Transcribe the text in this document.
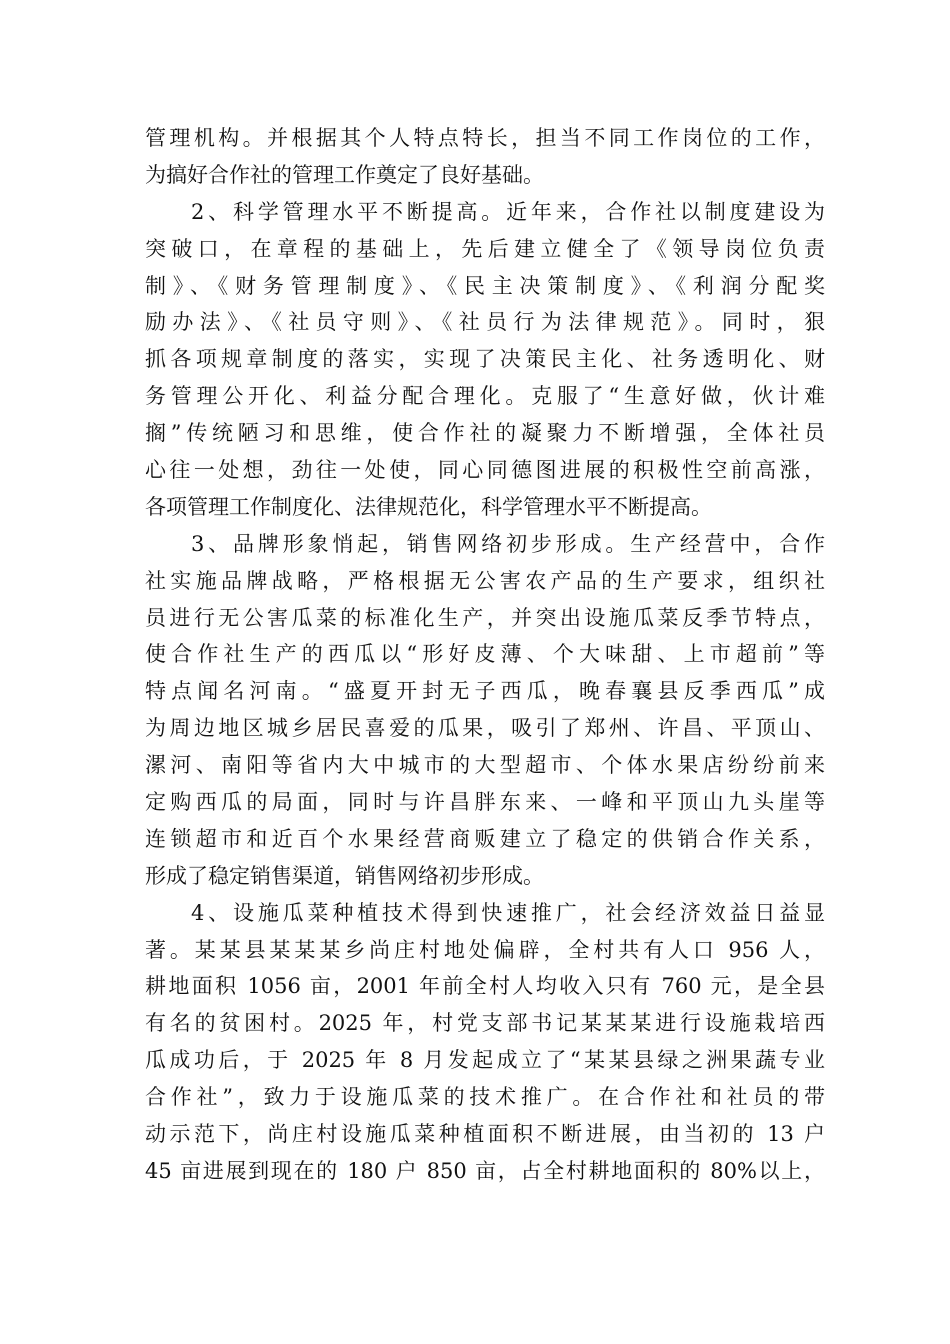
管理机构。并根据其个人特点特长，担当不同工作岗位的工作，
为搞好合作社的管理工作奠定了良好基础。
2、科学管理水平不断提高。近年来，合作社以制度建设为
突破口，在章程的基础上，先后建立健全了《领导岗位负责
制》、《财务管理制度》、《民主决策制度》、《利润分配奖
励办法》、《社员守则》、《社员行为法律规范》。同时，狠
抓各项规章制度的落实，实现了决策民主化、社务透明化、财
务管理公开化、利益分配合理化。克服了“生意好做，伙计难
搁”传统陋习和思维，使合作社的凝聚力不断增强，全体社员
心往一处想，劲往一处使，同心同德图进展的积极性空前高涨，
各项管理工作制度化、法律规范化，科学管理水平不断提高。
3、品牌形象悄起，销售网络初步形成。生产经营中，合作
社实施品牌战略，严格根据无公害农产品的生产要求，组织社
员进行无公害瓜菜的标准化生产，并突出设施瓜菜反季节特点，
使合作社生产的西瓜以“形好皮薄、个大味甜、上市超前”等
特点闻名河南。“盛夏开封无子西瓜，晚春襄县反季西瓜”成
为周边地区城乡居民喜爱的瓜果，吸引了郑州、许昌、平顶山、
漯河、南阳等省内大中城市的大型超市、个体水果店纷纷前来
定购西瓜的局面，同时与许昌胖东来、一峰和平顶山九头崖等
连锁超市和近百个水果经营商贩建立了稳定的供销合作关系，
形成了稳定销售渠道，销售网络初步形成。
4、设施瓜菜种植技术得到快速推广，社会经济效益日益显
著。某某县某某某乡尚庄村地处偏辟，全村共有人口 956 人，
耕地面积 1056 亩，2001 年前全村人均收入只有 760 元，是全县
有名的贫困村。2025 年，村党支部书记某某某进行设施栽培西
瓜成功后，于 2025 年 8 月发起成立了“某某县绿之洲果蔬专业
合作社”，致力于设施瓜菜的技术推广。在合作社和社员的带
动示范下，尚庄村设施瓜菜种植面积不断进展，由当初的 13 户
45 亩进展到现在的 180 户 850 亩，占全村耕地面积的 80%以上，
